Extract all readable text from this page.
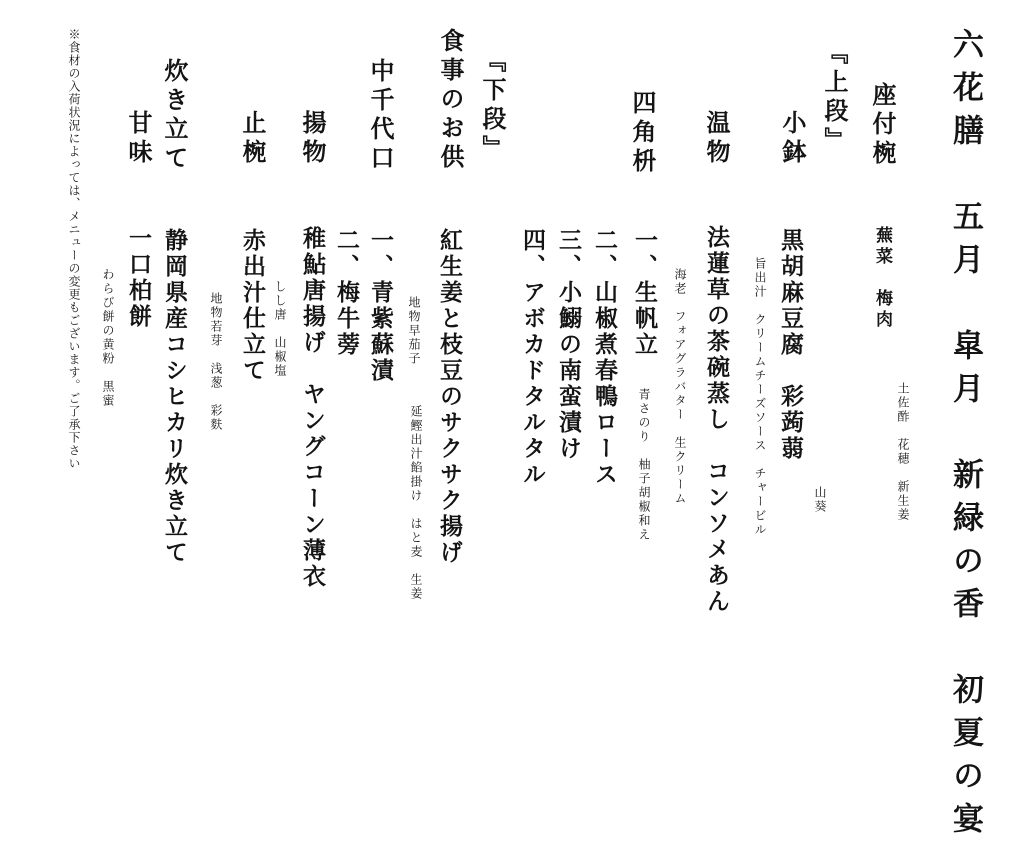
六花膳　五月　皐月　新緑の香　初夏の宴
座付椀
蕪菜　梅肉
土佐酢　花穂　新生姜
『上段』
小鉢
黒胡麻豆腐　彩蒟蒻
山葵
旨出汁　クリームチーズソース　チャービル
温物
法蓮草の茶碗蒸し　コンソメあん
海老　フォアグラバター　生クリーム
四角枡
一、生帆立
青さのり　柚子胡椒和え
二、山椒煮春鴨ロース
三、小鰯の南蛮漬け
四、アボカドタルタル
『下段』
食事のお供
紅生姜と枝豆のサクサク揚げ
延鰹出汁餡掛け　はと麦　生姜
中千代口
一、青紫蘇漬 地物早茄子
二、梅牛蒡
揚物
稚鮎唐揚げ　ヤングコーン薄衣
しし唐　山椒塩
止椀
赤出汁仕立て
地物若芽　浅葱　彩麩
炊き立て
静岡県産コシヒカリ炊き立て
甘味
一口柏餅
わらび餅の黄粉　黒蜜
※食材の入荷状況によっては、メニューの変更もございます。ご了承下さい
